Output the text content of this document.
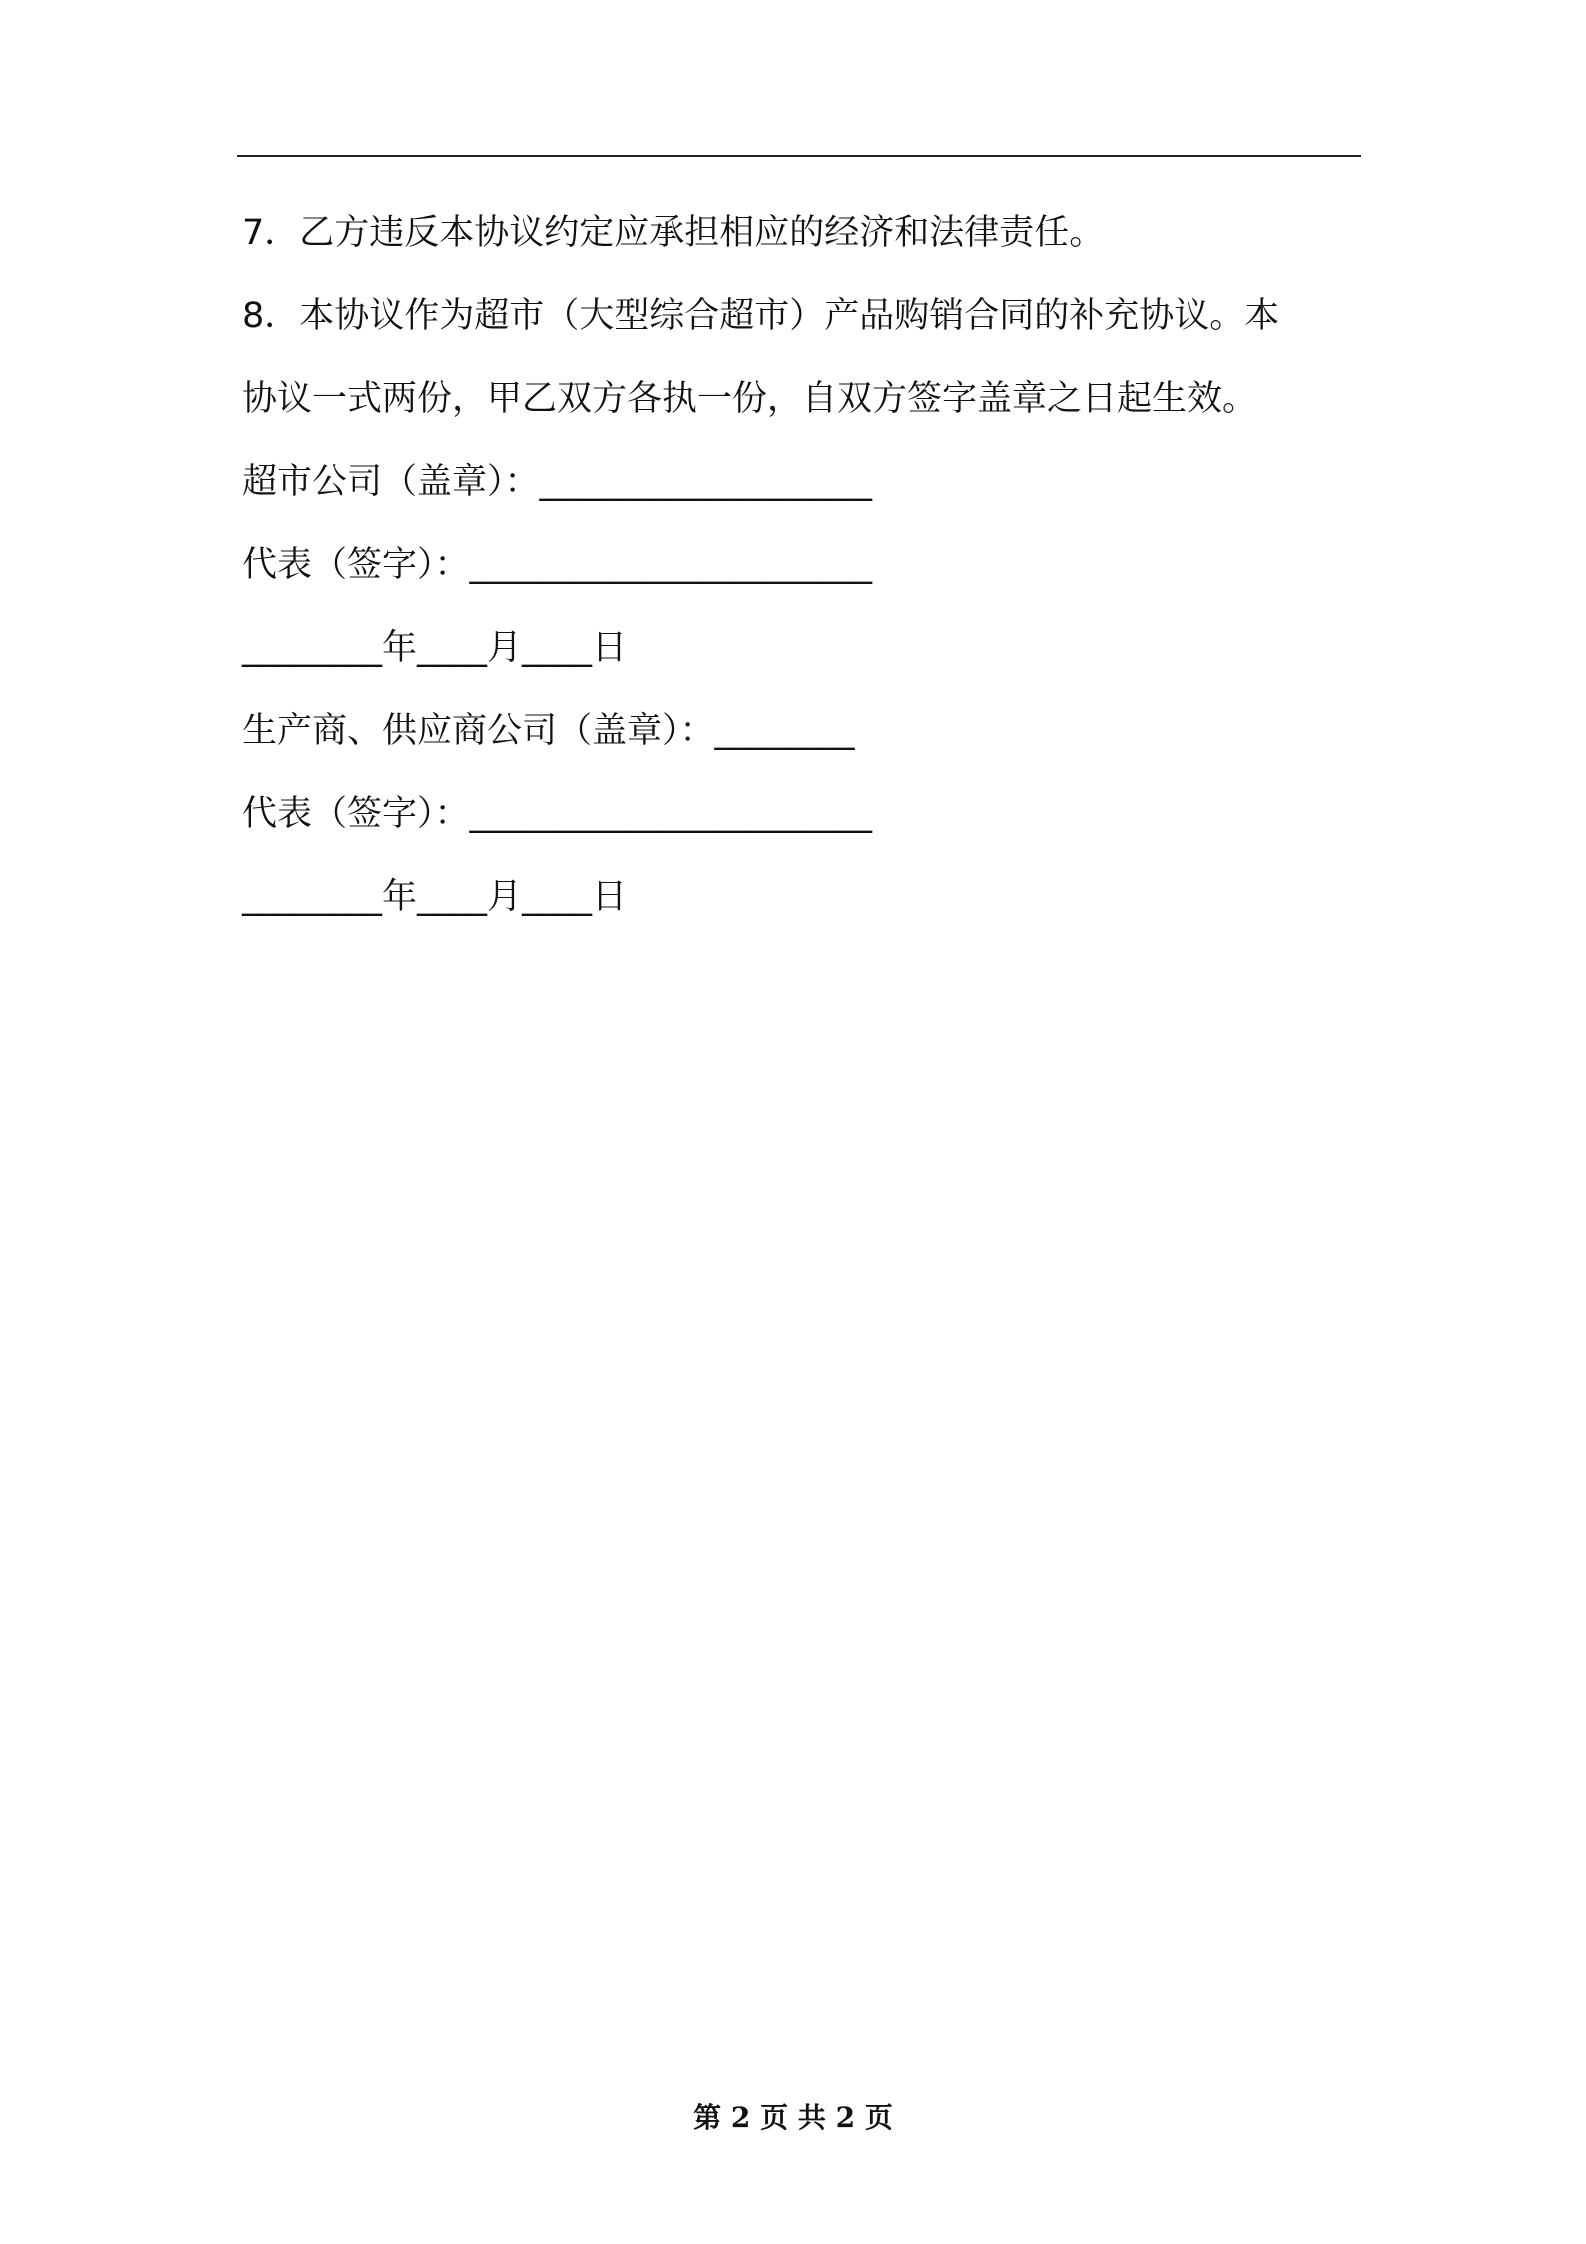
7．乙方违反本协议约定应承担相应的经济和法律责任。
8．本协议作为超市（大型综合超市）产品购销合同的补充协议。本
协议一式两份，甲乙双方各执一份，自双方签字盖章之日起生效。
超市公司（盖章）：___________________
代表（签字）：_______________________
________年____月____日
生产商、供应商公司（盖章）：________
代表（签字）：_______________________
________年____月____日
第 2 页 共 2 页
